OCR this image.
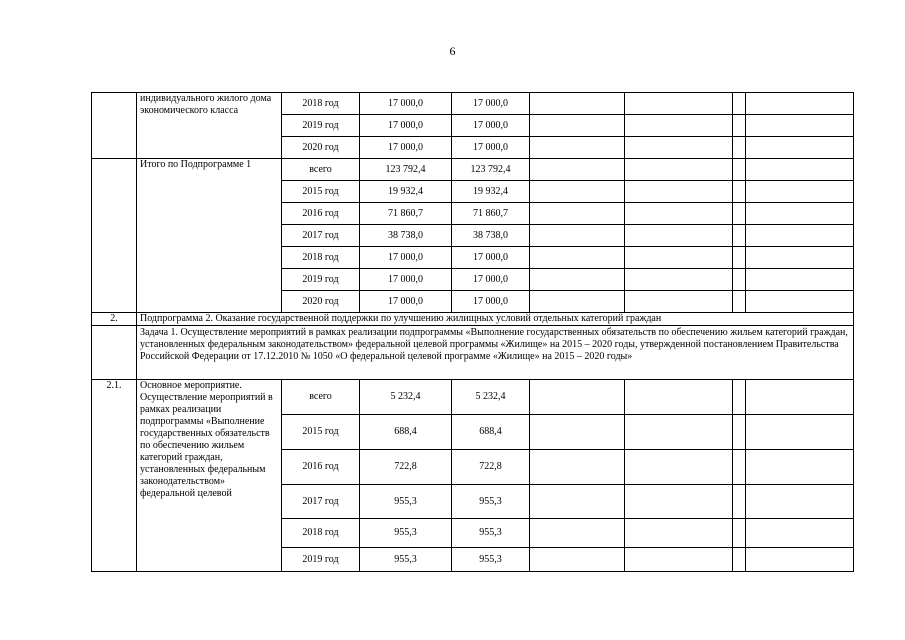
6
	индивидуального жилого дома экономического класса	2018 год	17 000,0	17 000,0				
		2019 год	17 000,0	17 000,0				
		2020 год	17 000,0	17 000,0				
	Итого по Подпрограмме 1	всего	123 792,4	123 792,4				
		2015 год	19 932,4	19 932,4				
		2016 год	71 860,7	71 860,7				
		2017 год	38 738,0	38 738,0				
		2018 год	17 000,0	17 000,0				
		2019 год	17 000,0	17 000,0				
		2020 год	17 000,0	17 000,0				
2.	Подпрограмма 2. Оказание государственной поддержки по улучшению жилищных условий отдельных категорий граждан							
	Задача 1. Осуществление мероприятий в рамках реализации подпрограммы «Выполнение государственных обязательств по обеспечению жильем категорий граждан, установленных федеральным законодательством» федеральной целевой программы «Жилище» на 2015 – 2020 годы, утвержденной постановлением Правительства Российской Федерации от 17.12.2010 № 1050 «О федеральной целевой программе «Жилище» на 2015 – 2020 годы»							
2.1.	Основное мероприятие. Осуществление мероприятий в рамках реализации подпрограммы «Выполнение государственных обязательств по обеспечению жильем категорий граждан, установленных федеральным законодательством» федеральной целевой	всего	5 232,4	5 232,4				
		2015 год	688,4	688,4				
		2016 год	722,8	722,8				
		2017 год	955,3	955,3				
		2018 год	955,3	955,3				
		2019 год	955,3	955,3				
